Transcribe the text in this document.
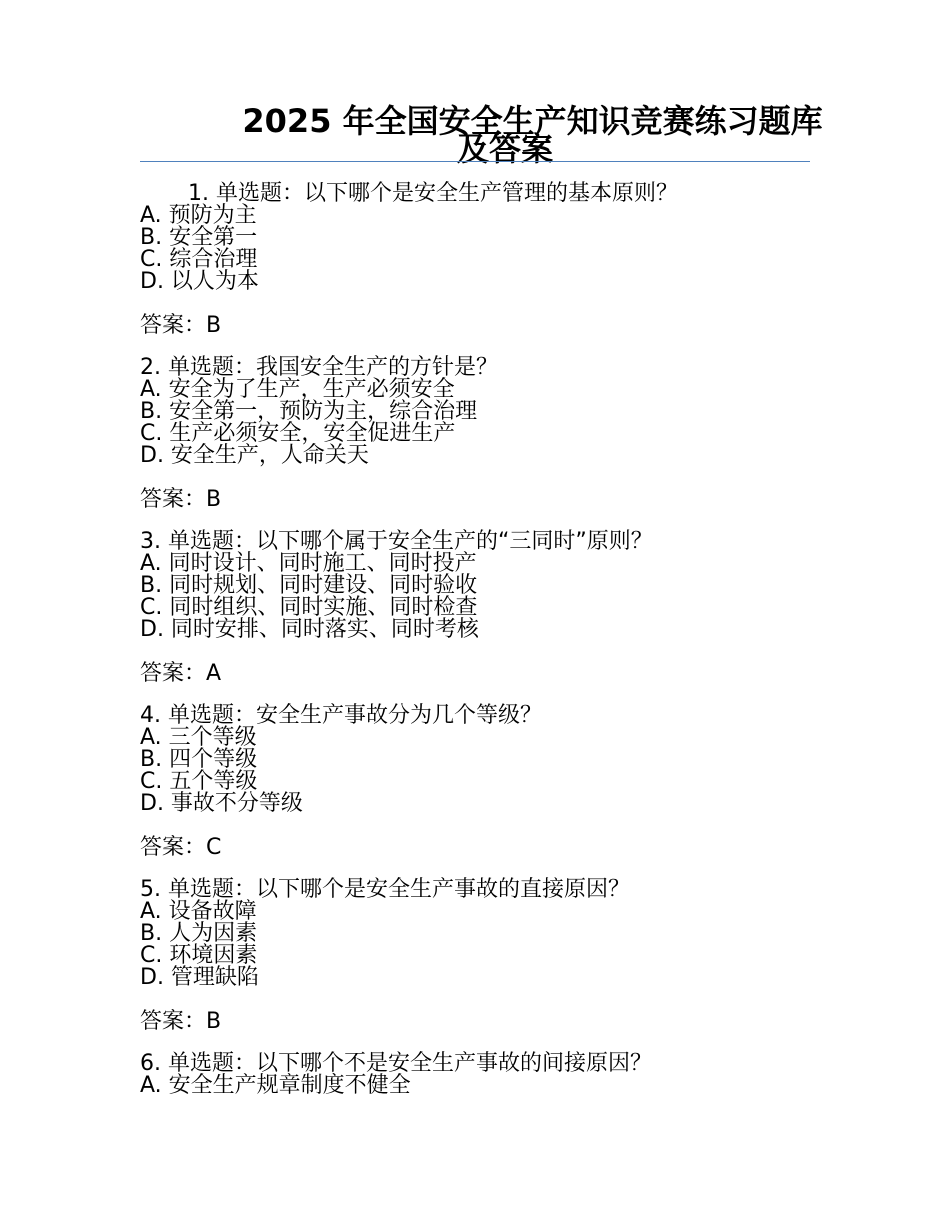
2025 年全国安全生产知识竞赛练习题库
及答案
1. 单选题：以下哪个是安全生产管理的基本原则？
A. 预防为主
B. 安全第一
C. 综合治理
D. 以人为本
答案：B
2. 单选题：我国安全生产的方针是？
A. 安全为了生产，生产必须安全
B. 安全第一，预防为主，综合治理
C. 生产必须安全，安全促进生产
D. 安全生产，人命关天
答案：B
3. 单选题：以下哪个属于安全生产的“三同时”原则？
A. 同时设计、同时施工、同时投产
B. 同时规划、同时建设、同时验收
C. 同时组织、同时实施、同时检查
D. 同时安排、同时落实、同时考核
答案：A
4. 单选题：安全生产事故分为几个等级？
A. 三个等级
B. 四个等级
C. 五个等级
D. 事故不分等级
答案：C
5. 单选题：以下哪个是安全生产事故的直接原因？
A. 设备故障
B. 人为因素
C. 环境因素
D. 管理缺陷
答案：B
6. 单选题：以下哪个不是安全生产事故的间接原因？
A. 安全生产规章制度不健全
